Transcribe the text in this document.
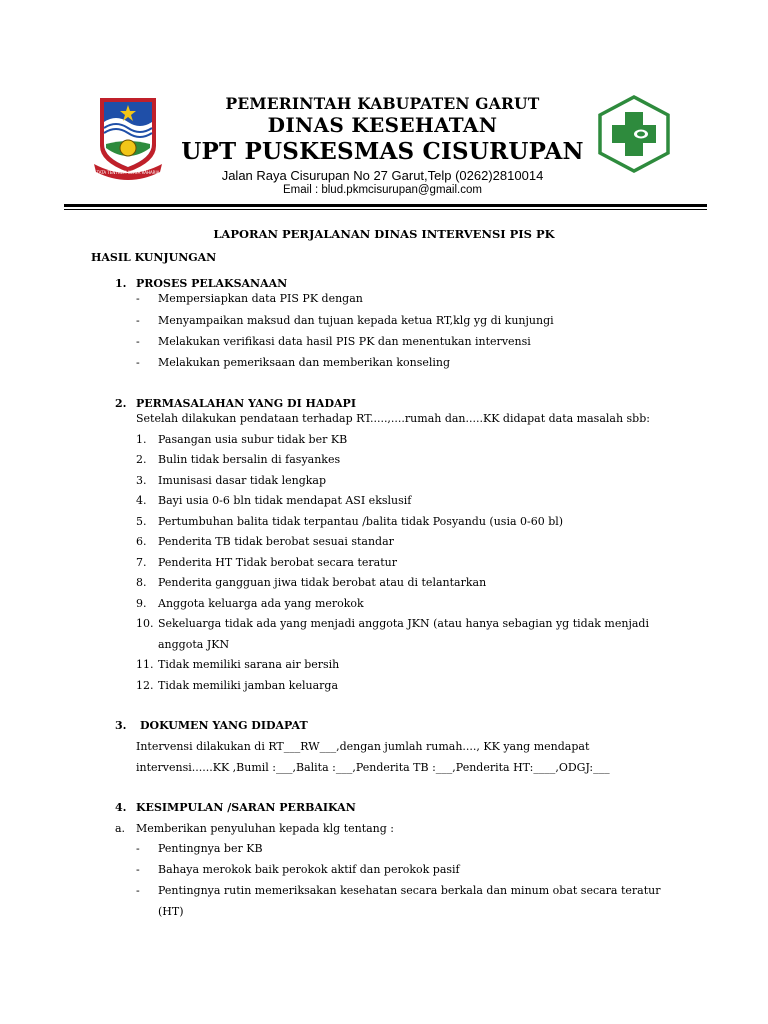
TATA TENTREM KERTA RAHARJA
PEMERINTAH KABUPATEN GARUT
DINAS KESEHATAN
UPT PUSKESMAS CISURUPAN
Jalan Raya Cisurupan No 27 Garut,Telp (0262)2810014
Email : blud.pkmcisurupan@gmail.com
LAPORAN PERJALANAN DINAS INTERVENSI PIS PK
HASIL KUNJUNGAN
1. PROSES PELAKSANAAN
- Mempersiapkan data PIS PK dengan
- Menyampaikan maksud dan tujuan kepada ketua RT,klg yg di kunjungi
- Melakukan verifikasi data hasil PIS PK dan menentukan intervensi
- Melakukan pemeriksaan dan memberikan konseling
2. PERMASALAHAN YANG DI HADAPI
Setelah dilakukan pendataan terhadap RT.....,....rumah dan.....KK didapat data masalah sbb:
1. Pasangan usia subur tidak ber KB
2. Bulin tidak bersalin di fasyankes
3. Imunisasi dasar tidak lengkap
4. Bayi usia 0-6 bln tidak mendapat ASI ekslusif
5. Pertumbuhan balita tidak terpantau /balita tidak Posyandu (usia 0-60 bl)
6. Penderita TB tidak berobat sesuai standar
7. Penderita HT Tidak berobat secara teratur
8. Penderita gangguan jiwa tidak berobat atau di telantarkan
9. Anggota keluarga ada yang merokok
10. Sekeluarga tidak ada yang menjadi anggota JKN (atau hanya sebagian yg tidak menjadi
anggota JKN
11. Tidak memiliki sarana air bersih
12. Tidak memiliki jamban keluarga
3. DOKUMEN YANG DIDAPAT
Intervensi dilakukan di RT___RW___,dengan jumlah rumah...., KK yang mendapat
intervensi......KK ,Bumil :___,Balita :___,Penderita TB :___,Penderita HT:____,ODGJ:___
4. KESIMPULAN /SARAN PERBAIKAN
a. Memberikan penyuluhan kepada klg tentang :
- Pentingnya ber KB
- Bahaya merokok baik perokok aktif dan perokok pasif
- Pentingnya rutin memeriksakan kesehatan secara berkala dan minum obat secara teratur
(HT)
